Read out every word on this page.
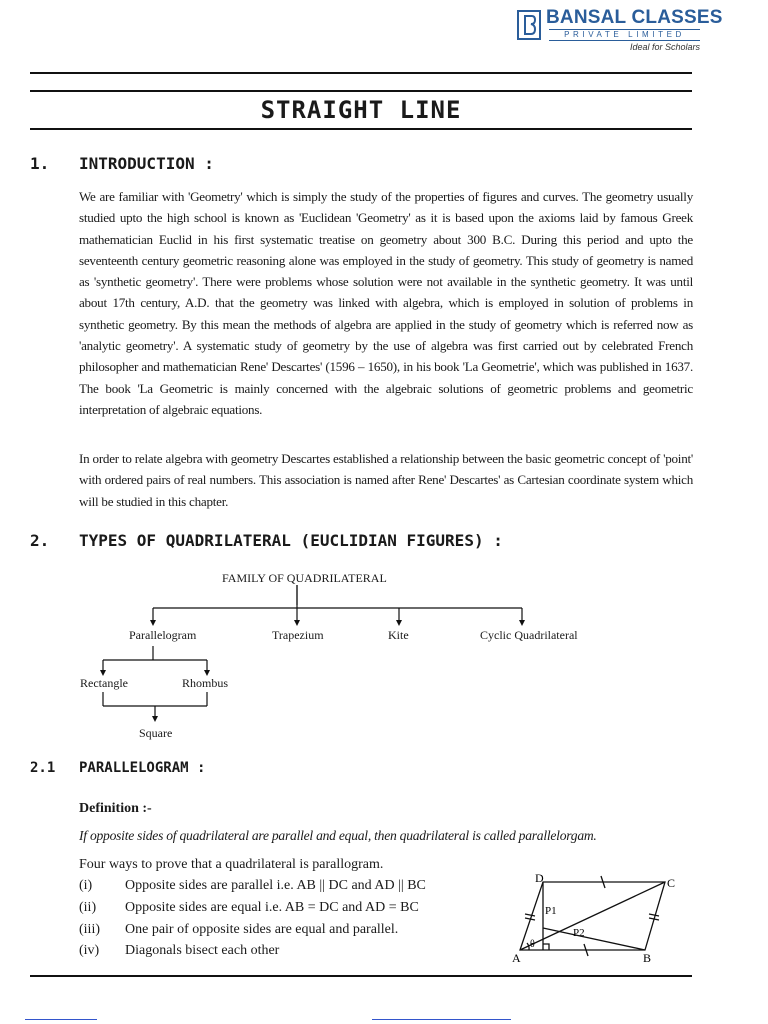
BANSAL CLASSES
PRIVATE LIMITED
Ideal for Scholars
STRAIGHT LINE
1. INTRODUCTION :
We are familiar with 'Geometry' which is simply the study of the properties of figures and curves. The geometry usually studied upto the high school is known as 'Euclidean 'Geometry' as it is based upon the axioms laid by famous Greek mathematician Euclid in his first systematic treatise on geometry about 300 B.C. During this period and upto the seventeenth century geometric reasoning alone was employed in the study of geometry. This study of geometry is named as 'synthetic geometry'. There were problems whose solution were not available in the synthetic geometry. It was until about 17th century, A.D. that the geometry was linked with algebra, which is employed in solution of problems in synthetic geometry. By this mean the methods of algebra are applied in the study of geometry which is referred now as 'analytic geometry'. A systematic study of geometry by the use of algebra was first carried out by celebrated French philosopher and mathematician Rene' Descartes' (1596 – 1650), in his book 'La Geometrie', which was published in 1637. The book 'La Geometric is mainly concerned with the algebraic solutions of geometric problems and geometric interpretation of algebraic equations.
In order to relate algebra with geometry Descartes established a relationship between the basic geometric concept of 'point' with ordered pairs of real numbers. This association is named after Rene' Descartes' as Cartesian coordinate system which will be studied in this chapter.
2. TYPES OF QUADRILATERAL (EUCLIDIAN FIGURES) :
FAMILY OF QUADRILATERAL
Parallelogram	Trapezium	Kite	Cyclic Quadrilateral
Rectangle	Rhombus
Square
2.1 PARALLELOGRAM :
Definition :-
If opposite sides of quadrilateral are parallel and equal, then quadrilateral is called parallelorgam.
Four ways to prove that a quadrilateral is parallogram.
(i) Opposite sides are parallel i.e. AB || DC and AD || BC
(ii) Opposite sides are equal i.e. AB = DC and AD = BC
(iii) One pair of opposite sides are equal and parallel.
(iv) Diagonals bisect each other
D	C
A	B
P1
P2
θ
